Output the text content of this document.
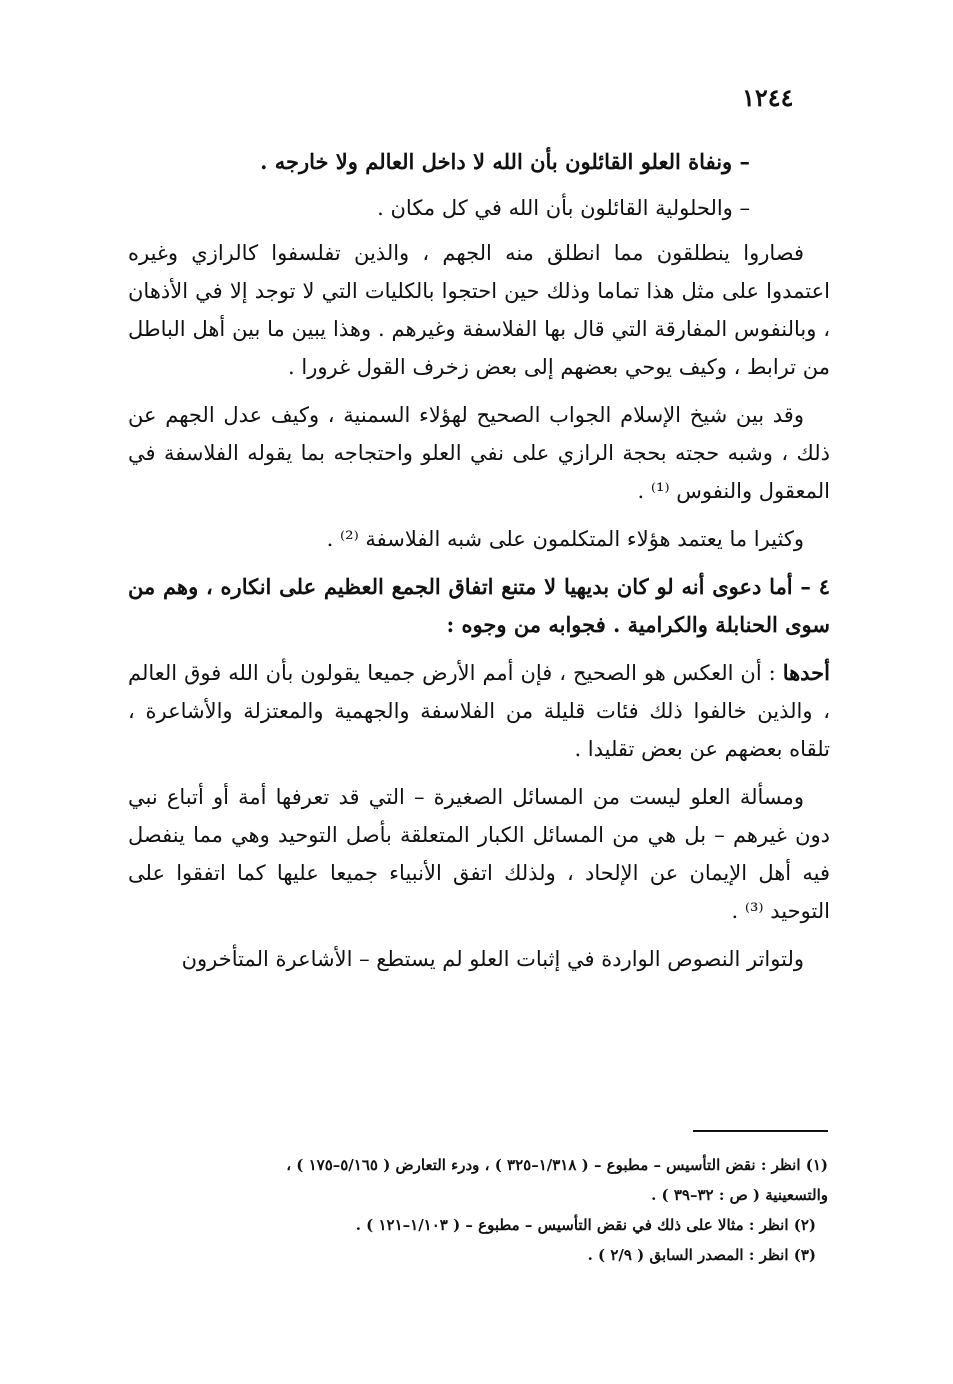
١٢٤٤

– ونفاة العلو القائلون بأن الله لا داخل العالم ولا خارجه .

– والحلولية القائلون بأن الله في كل مكان .

فصاروا ينطلقون مما انطلق منه الجهم ، والذين تفلسفوا كالرازي وغيره اعتمدوا على مثل هذا تماما وذلك حين احتجوا بالكليات التي لا توجد إلا في الأذهان ، وبالنفوس المفارقة التي قال بها الفلاسفة وغيرهم . وهذا يبين ما بين أهل الباطل من ترابط ، وكيف يوحي بعضهم إلى بعض زخرف القول غرورا .

وقد بين شيخ الإسلام الجواب الصحيح لهؤلاء السمنية ، وكيف عدل الجهم عن ذلك ، وشبه حجته بحجة الرازي على نفي العلو واحتجاجه بما يقوله الفلاسفة في المعقول والنفوس ⁽¹⁾ .

وكثيرا ما يعتمد هؤلاء المتكلمون على شبه الفلاسفة ⁽²⁾ .

٤ – أما دعوى أنه لو كان بديهيا لا متنع اتفاق الجمع العظيم على انكاره ، وهم من سوى الحنابلة والكرامية . فجوابه من وجوه :

أحدها : أن العكس هو الصحيح ، فإن أمم الأرض جميعا يقولون بأن الله فوق العالم ، والذين خالفوا ذلك فئات قليلة من الفلاسفة والجهمية والمعتزلة والأشاعرة ، تلقاه بعضهم عن بعض تقليدا .

ومسألة العلو ليست من المسائل الصغيرة – التي قد تعرفها أمة أو أتباع نبي دون غيرهم – بل هي من المسائل الكبار المتعلقة بأصل التوحيد وهي مما ينفصل فيه أهل الإيمان عن الإلحاد ، ولذلك اتفق الأنبياء جميعا عليها كما اتفقوا على التوحيد ⁽³⁾ .

ولتواتر النصوص الواردة في إثبات العلو لم يستطع – الأشاعرة المتأخرون

(١) انظر : نقض التأسيس – مطبوع – ( ١/٣١٨–٣٢٥ ) ، ودرء التعارض ( ٥/١٦٥–١٧٥ ) ،

والتسعينية ( ص : ٣٢–٣٩ ) .

(٢) انظر : مثالا على ذلك في نقض التأسيس – مطبوع – ( ١/١٠٣–١٢١ ) .

(٣) انظر : المصدر السابق ( ٢/٩ ) .
